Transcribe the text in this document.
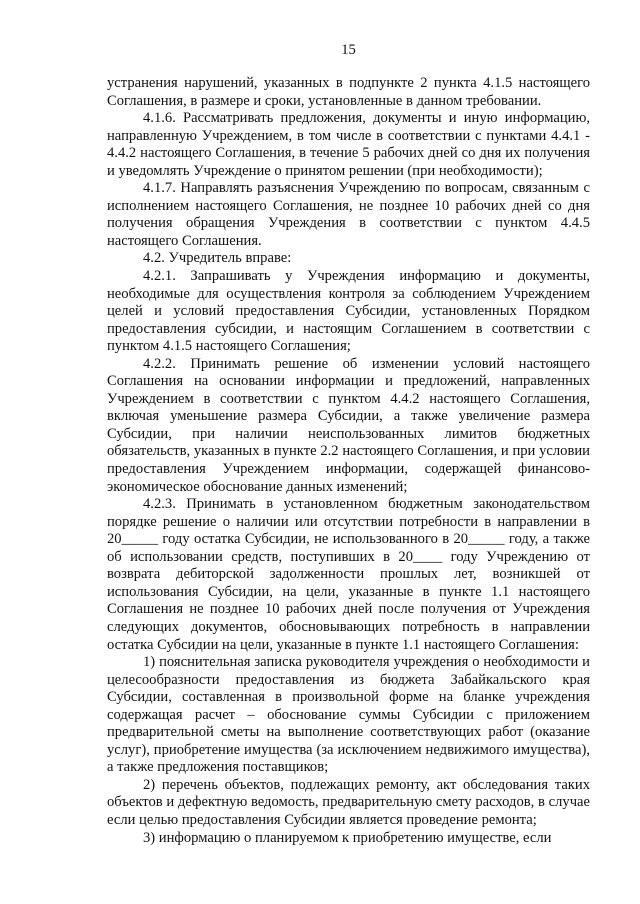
15

устранения нарушений, указанных в подпункте 2 пункта 4.1.5 настоящего Соглашения, в размере и сроки, установленные в данном требовании.

4.1.6. Рассматривать предложения, документы и иную информацию, направленную Учреждением, в том числе в соответствии с пунктами 4.4.1 - 4.4.2 настоящего Соглашения, в течение 5 рабочих дней со дня их получения и уведомлять Учреждение о принятом решении (при необходимости);

4.1.7. Направлять разъяснения Учреждению по вопросам, связанным с исполнением настоящего Соглашения, не позднее 10 рабочих дней со дня получения обращения Учреждения в соответствии с пунктом 4.4.5 настоящего Соглашения.

4.2. Учредитель вправе:

4.2.1. Запрашивать у Учреждения информацию и документы, необходимые для осуществления контроля за соблюдением Учреждением целей и условий предоставления Субсидии, установленных Порядком предоставления субсидии, и настоящим Соглашением в соответствии с пунктом 4.1.5 настоящего Соглашения;

4.2.2. Принимать решение об изменении условий настоящего Соглашения на основании информации и предложений, направленных Учреждением в соответствии с пунктом 4.4.2 настоящего Соглашения, включая уменьшение размера Субсидии, а также увеличение размера Субсидии, при наличии неиспользованных лимитов бюджетных обязательств, указанных в пункте 2.2 настоящего Соглашения, и при условии предоставления Учреждением информации, содержащей финансово-экономическое обоснование данных изменений;

4.2.3. Принимать в установленном бюджетным законодательством порядке решение о наличии или отсутствии потребности в направлении в 20_____ году остатка Субсидии, не использованного в 20_____ году, а также об использовании средств, поступивших в 20____ году Учреждению от возврата дебиторской задолженности прошлых лет, возникшей от использования Субсидии, на цели, указанные в пункте 1.1 настоящего Соглашения не позднее 10 рабочих дней после получения от Учреждения следующих документов, обосновывающих потребность в направлении остатка Субсидии на цели, указанные в пункте 1.1 настоящего Соглашения:

1) пояснительная записка руководителя учреждения о необходимости и целесообразности предоставления из бюджета Забайкальского края Субсидии, составленная в произвольной форме на бланке учреждения содержащая расчет – обоснование суммы Субсидии с приложением предварительной сметы на выполнение соответствующих работ (оказание услуг), приобретение имущества (за исключением недвижимого имущества), а также предложения поставщиков;

2) перечень объектов, подлежащих ремонту, акт обследования таких объектов и дефектную ведомость, предварительную смету расходов, в случае если целью предоставления Субсидии является проведение ремонта;

3) информацию о планируемом к приобретению имуществе, если
